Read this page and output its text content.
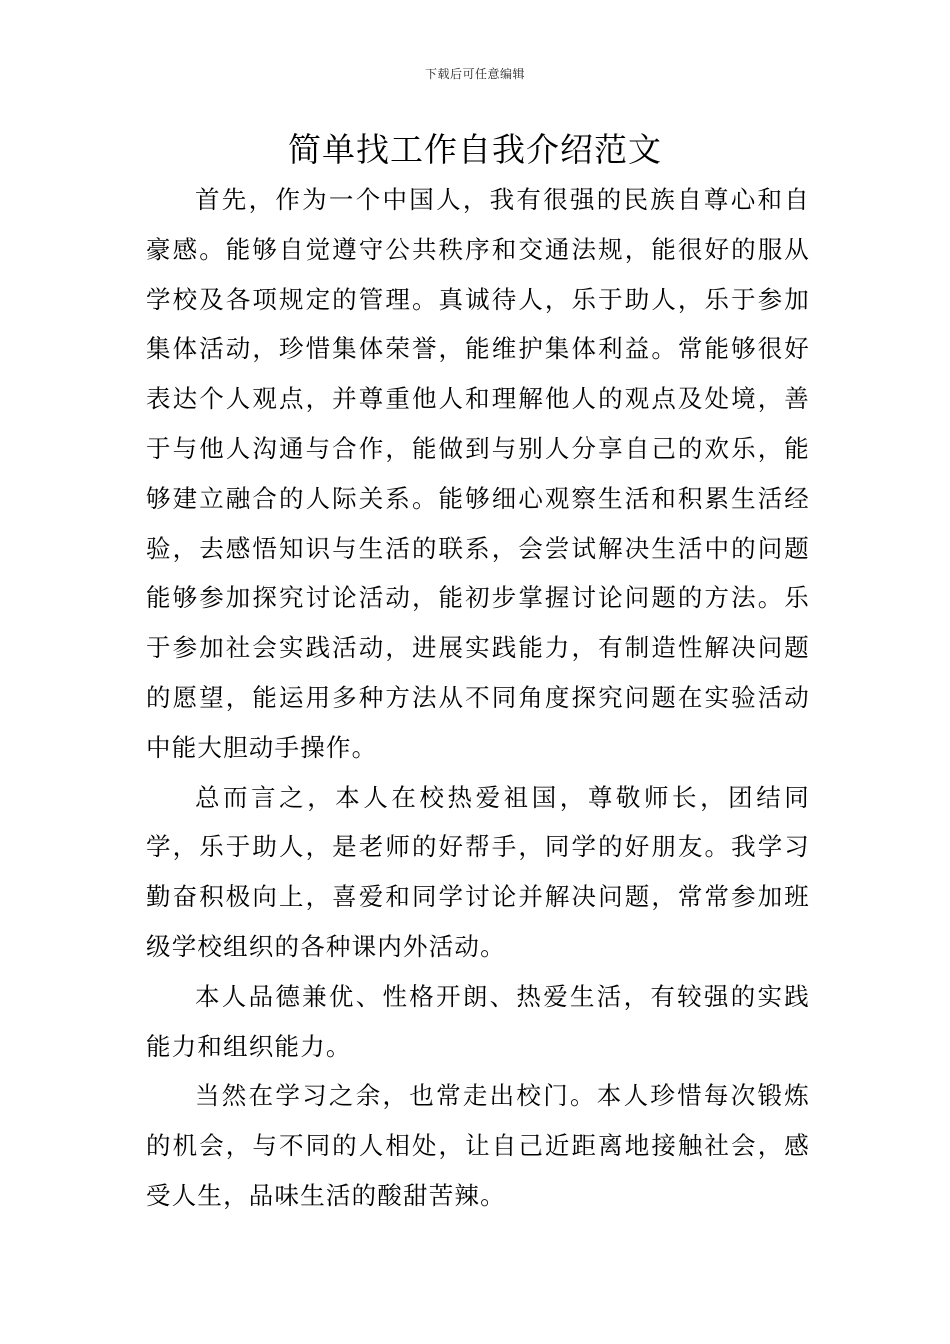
下载后可任意编辑
简单找工作自我介绍范文

首先，作为一个中国人，我有很强的民族自尊心和自豪感。能够自觉遵守公共秩序和交通法规，能很好的服从学校及各项规定的管理。真诚待人，乐于助人，乐于参加集体活动，珍惜集体荣誉，能维护集体利益。常能够很好表达个人观点，并尊重他人和理解他人的观点及处境，善于与他人沟通与合作，能做到与别人分享自己的欢乐，能够建立融合的人际关系。能够细心观察生活和积累生活经验，去感悟知识与生活的联系，会尝试解决生活中的问题能够参加探究讨论活动，能初步掌握讨论问题的方法。乐于参加社会实践活动，进展实践能力，有制造性解决问题的愿望，能运用多种方法从不同角度探究问题在实验活动中能大胆动手操作。

总而言之，本人在校热爱祖国，尊敬师长，团结同学，乐于助人，是老师的好帮手，同学的好朋友。我学习勤奋积极向上，喜爱和同学讨论并解决问题，常常参加班级学校组织的各种课内外活动。

本人品德兼优、性格开朗、热爱生活，有较强的实践能力和组织能力。

当然在学习之余，也常走出校门。本人珍惜每次锻炼的机会，与不同的人相处，让自己近距离地接触社会，感受人生，品味生活的酸甜苦辣。
